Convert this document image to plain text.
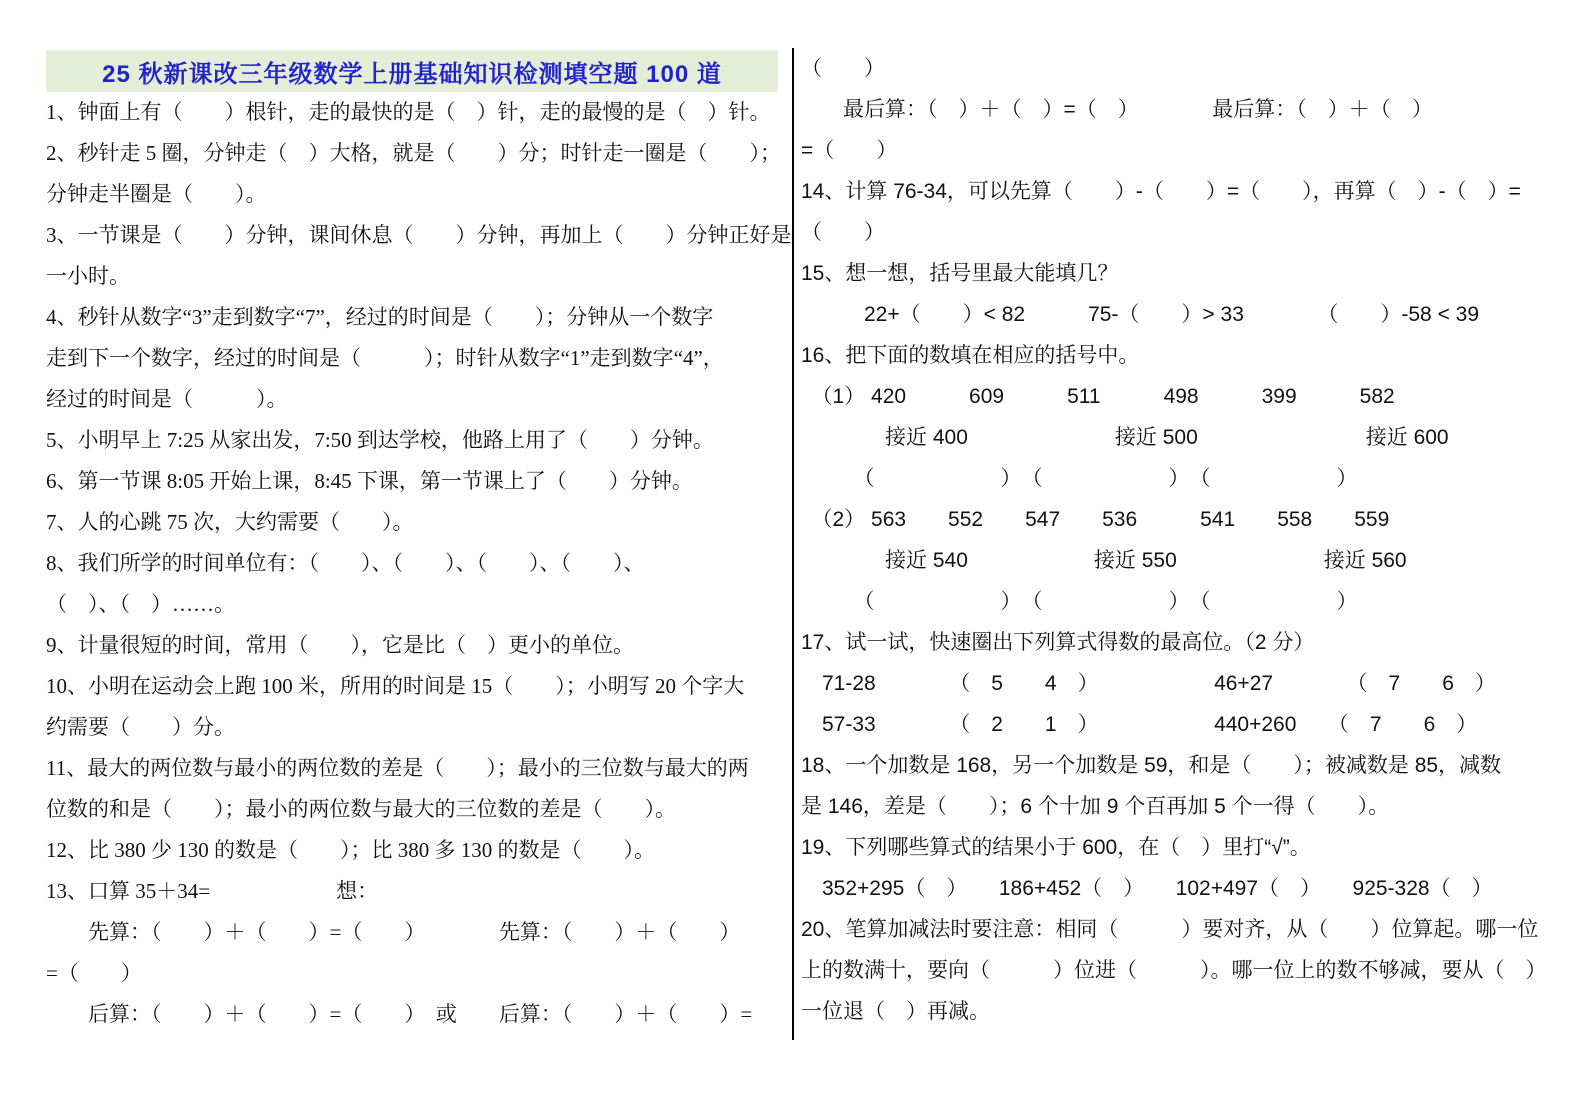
25 秋新课改三年级数学上册基础知识检测填空题 100 道
1、钟面上有（　　）根针，走的最快的是（　）针，走的最慢的是（　）针。
2、秒针走 5 圈，分钟走（　）大格，就是（　　）分；时针走一圈是（　　）；
分钟走半圈是（　　）。
3、一节课是（　　）分钟，课间休息（　　）分钟，再加上（　　）分钟正好是
一小时。
4、秒针从数字“3”走到数字“7”，经过的时间是（　　）；分钟从一个数字
走到下一个数字，经过的时间是（　　　）；时针从数字“1”走到数字“4”，
经过的时间是（　　　）。
5、小明早上 7:25 从家出发，7:50 到达学校，他路上用了（　　）分钟。
6、第一节课 8:05 开始上课，8:45 下课，第一节课上了（　　）分钟。
7、人的心跳 75 次，大约需要（　　）。
8、我们所学的时间单位有：（　　）、（　　）、（　　）、（　　）、
（　）、（　）……。
9、计量很短的时间，常用（　　），它是比（　）更小的单位。
10、小明在运动会上跑 100 米，所用的时间是 15（　　）；小明写 20 个字大
约需要（　　）分。
11、最大的两位数与最小的两位数的差是（　　）；最小的三位数与最大的两
位数的和是（　　）；最小的两位数与最大的三位数的差是（　　）。
12、比 380 少 130 的数是（　　）；比 380 多 130 的数是（　　）。
13、口算 35＋34=　　　　　　想：
　　先算：（　　）＋（　　）=（　　）　　　　先算：（　　）＋（　　）
=（　　）
　　后算：（　　）＋（　　）=（　　）　或　　后算：（　　）＋（　　）=
（　　）
　　最后算：（　）＋（　）=（　）　　　　最后算：（　）＋（　）
=（　　）
14、计算 76-34，可以先算（　　）-（　　）=（　　），再算（　）-（　）=
（　　）
15、想一想，括号里最大能填几？
　　　22+（　　）< 82　　　75-（　　）> 33　　　　（　　）-58 < 39
16、把下面的数填在相应的括号中。
　（1） 420　　　609　　　511　　　498　　　399　　　582
　　　　接近 400　　　　　　　接近 500　　　　　　　　接近 600
　　　（　　　　　　）　（　　　　　　）　（　　　　　　）
　（2） 563　　552　　547　　536　　　541　　558　　559
　　　　接近 540　　　　　　接近 550　　　　　　　接近 560
　　　（　　　　　　）　（　　　　　　）　（　　　　　　）
17、试一试，快速圈出下列算式得数的最高位。（2 分）
　71-28　　　　（　5　　4　）　　　　　　46+27　　　　（　7　　6　）
　57-33　　　　（　2　　1　）　　　　　　440+260　　（　7　　6　）
18、一个加数是 168，另一个加数是 59，和是（　　）；被减数是 85，减数
是 146，差是（　　）；6 个十加 9 个百再加 5 个一得（　　）。
19、下列哪些算式的结果小于 600，在（　）里打“√”。
　352+295（　）　　186+452（　）　　102+497（　）　　925-328（　）
20、笔算加减法时要注意：相同（　　　）要对齐，从（　　）位算起。哪一位
上的数满十，要向（　　　）位进（　　　）。哪一位上的数不够减，要从（　）
一位退（　）再减。
